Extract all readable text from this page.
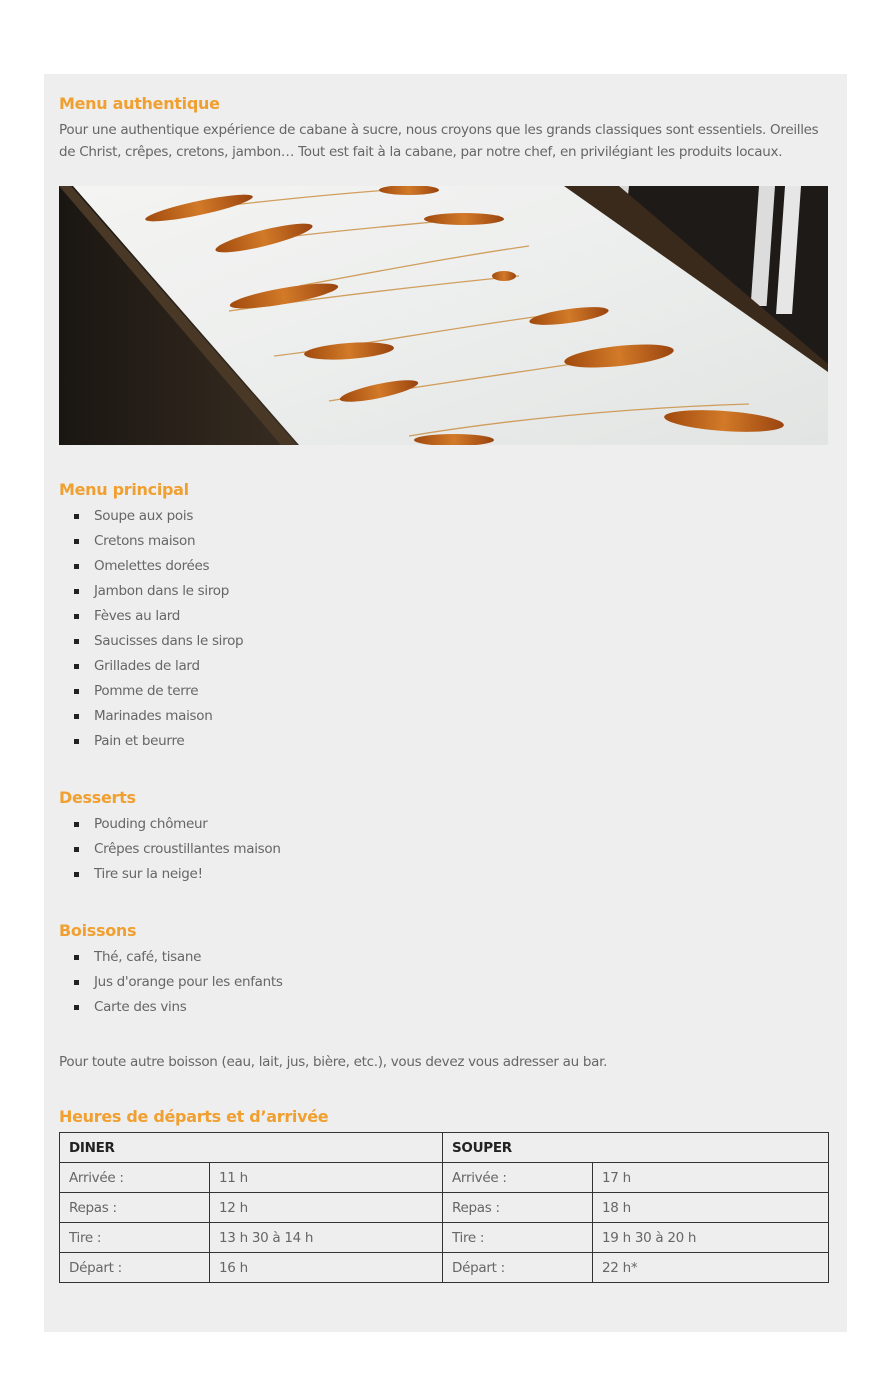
Menu authentique

Pour une authentique expérience de cabane à sucre, nous croyons que les grands classiques sont essentiels. Oreilles de Christ, crêpes, cretons, jambon… Tout est fait à la cabane, par notre chef, en privilégiant les produits locaux.

Menu principal
Soupe aux pois
Cretons maison
Omelettes dorées
Jambon dans le sirop
Fèves au lard
Saucisses dans le sirop
Grillades de lard
Pomme de terre
Marinades maison
Pain et beurre
Desserts
Pouding chômeur
Crêpes croustillantes maison
Tire sur la neige!
Boissons
Thé, café, tisane
Jus d'orange pour les enfants
Carte des vins

Pour toute autre boisson (eau, lait, jus, bière, etc.), vous devez vous adresser au bar.

Heures de départs et d’arrivée
DINER		SOUPER	
Arrivée :	11 h	Arrivée :	17 h
Repas :	12 h	Repas :	18 h
Tire :	13 h 30 à 14 h	Tire :	19 h 30 à 20 h
Départ :	16 h	Départ :	22 h*
